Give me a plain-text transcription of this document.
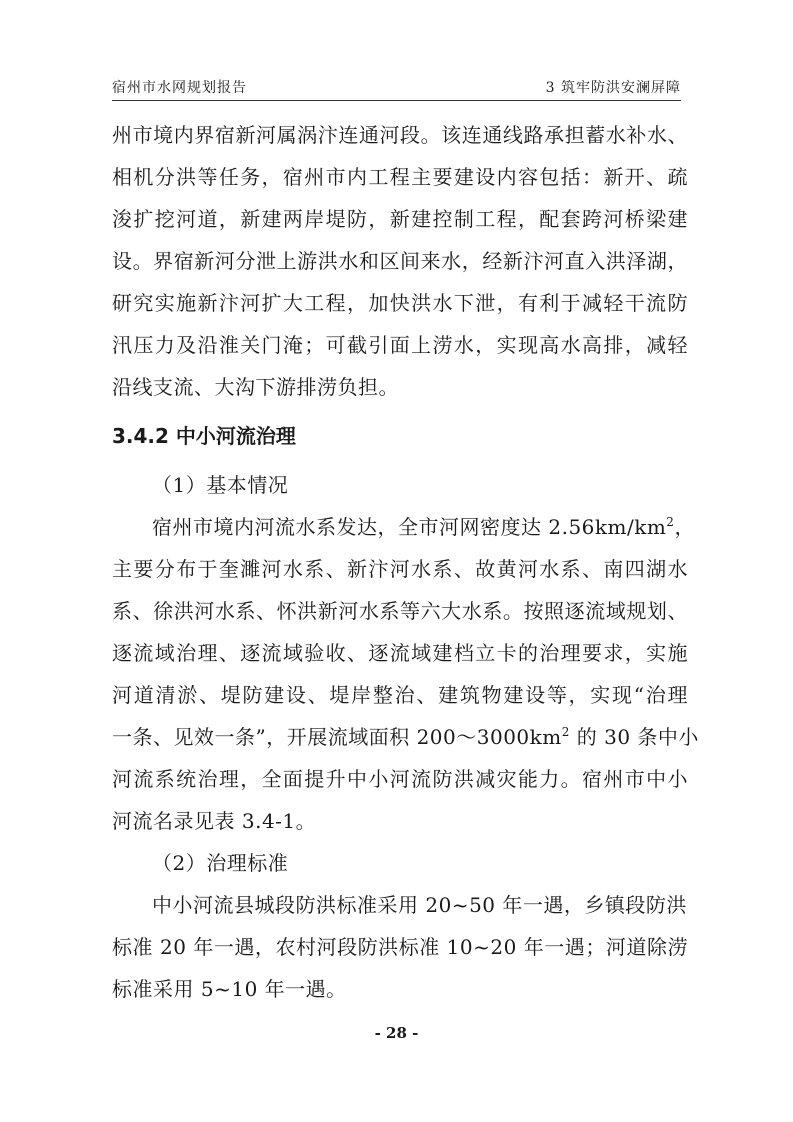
宿州市水网规划报告	3 筑牢防洪安澜屏障

州市境内界宿新河属涡汴连通河段。该连通线路承担蓄水补水、

相机分洪等任务，宿州市内工程主要建设内容包括：新开、疏

浚扩挖河道，新建两岸堤防，新建控制工程，配套跨河桥梁建

设。界宿新河分泄上游洪水和区间来水，经新汴河直入洪泽湖，

研究实施新汴河扩大工程，加快洪水下泄，有利于减轻干流防

汛压力及沿淮关门淹；可截引面上涝水，实现高水高排，减轻

沿线支流、大沟下游排涝负担。

3.4.2 中小河流治理

（1）基本情况

宿州市境内河流水系发达，全市河网密度达 $2.56km/km^2$，

主要分布于奎濉河水系、新汴河水系、故黄河水系、南四湖水

系、徐洪河水系、怀洪新河水系等六大水系。按照逐流域规划、

逐流域治理、逐流域验收、逐流域建档立卡的治理要求，实施

河道清淤、堤防建设、堤岸整治、建筑物建设等，实现“治理

一条、见效一条”，开展流域面积 $200\sim 3000km^2$ 的 30 条中小

河流系统治理，全面提升中小河流防洪减灾能力。宿州市中小

河流名录见表 3.4-1。

（2）治理标准

中小河流县城段防洪标准采用 20~50 年一遇，乡镇段防洪

标准 20 年一遇，农村河段防洪标准 10~20 年一遇；河道除涝

标准采用 5~10 年一遇。

- 28 -
